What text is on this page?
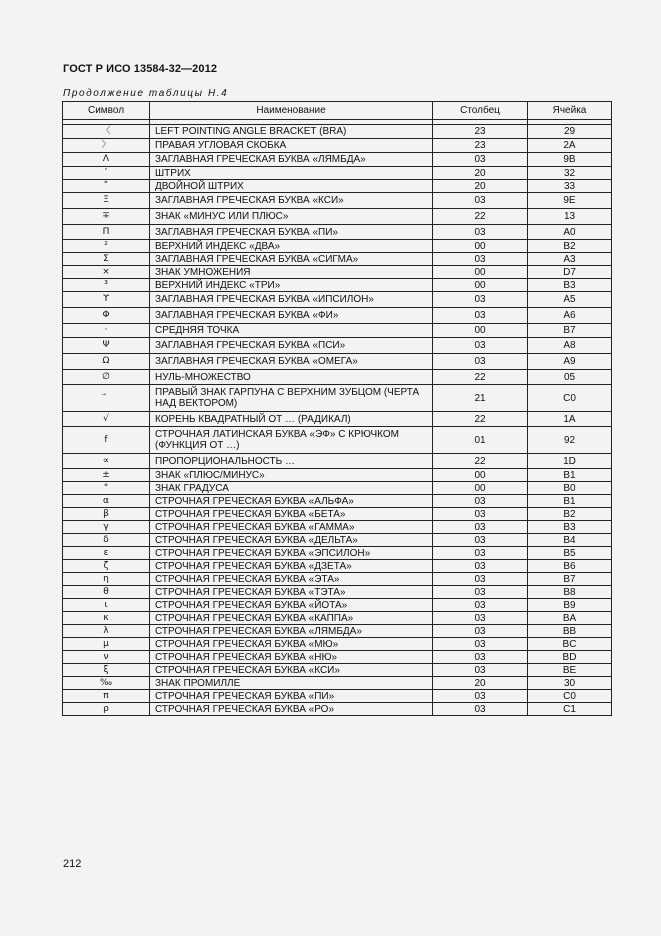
ГОСТ Р ИСО 13584-32—2012
Продолжение таблицы Н.4
Символ	Наименование	Столбец	Ячейка

〈	LEFT POINTING ANGLE BRACKET (BRA)	23	29
〉	ПРАВАЯ УГЛОВАЯ СКОБКА	23	2A
Λ	ЗАГЛАВНАЯ ГРЕЧЕСКАЯ БУКВА «ЛЯМБДА»	03	9B
ʹ	ШТРИХ	20	32
ʺ	ДВОЙНОЙ ШТРИХ	20	33
Ξ	ЗАГЛАВНАЯ ГРЕЧЕСКАЯ БУКВА «КСИ»	03	9E
∓	ЗНАК «МИНУС ИЛИ ПЛЮС»	22	13
Π	ЗАГЛАВНАЯ ГРЕЧЕСКАЯ БУКВА «ПИ»	03	A0
²	ВЕРХНИЙ ИНДЕКС «ДВА»	00	B2
Σ	ЗАГЛАВНАЯ ГРЕЧЕСКАЯ БУКВА «СИГМА»	03	A3
×	ЗНАК УМНОЖЕНИЯ	00	D7
³	ВЕРХНИЙ ИНДЕКС «ТРИ»	00	B3
ϒ	ЗАГЛАВНАЯ ГРЕЧЕСКАЯ БУКВА «ИПСИЛОН»	03	A5
Φ	ЗАГЛАВНАЯ ГРЕЧЕСКАЯ БУКВА «ФИ»	03	A6
·	СРЕДНЯЯ ТОЧКА	00	B7
Ψ	ЗАГЛАВНАЯ ГРЕЧЕСКАЯ БУКВА «ПСИ»	03	A8
Ω	ЗАГЛАВНАЯ ГРЕЧЕСКАЯ БУКВА «ОМЕГА»	03	A9
∅	НУЛЬ-МНОЖЕСТВО	22	05
	ПРАВЫЙ ЗНАК ГАРПУНА С ВЕРХНИМ ЗУБЦОМ (ЧЕРТА НАД ВЕКТОРОМ)	21	C0
√	КОРЕНЬ КВАДРАТНЫЙ ОТ … (РАДИКАЛ)	22	1A
f	СТРОЧНАЯ ЛАТИНСКАЯ БУКВА «ЭФ» С КРЮЧКОМ (ФУНКЦИЯ ОТ …)	01	92
∝	ПРОПОРЦИОНАЛЬНОСТЬ …	22	1D
±	ЗНАК «ПЛЮС/МИНУС»	00	B1
°	ЗНАК ГРАДУСА	00	B0
α	СТРОЧНАЯ ГРЕЧЕСКАЯ БУКВА «АЛЬФА»	03	B1
β	СТРОЧНАЯ ГРЕЧЕСКАЯ БУКВА «БЕТА»	03	B2
γ	СТРОЧНАЯ ГРЕЧЕСКАЯ БУКВА «ГАММА»	03	B3
δ	СТРОЧНАЯ ГРЕЧЕСКАЯ БУКВА «ДЕЛЬТА»	03	B4
ε	СТРОЧНАЯ ГРЕЧЕСКАЯ БУКВА «ЭПСИЛОН»	03	B5
ζ	СТРОЧНАЯ ГРЕЧЕСКАЯ БУКВА «ДЗЕТА»	03	B6
η	СТРОЧНАЯ ГРЕЧЕСКАЯ БУКВА «ЭТА»	03	B7
θ	СТРОЧНАЯ ГРЕЧЕСКАЯ БУКВА «ТЭТА»	03	B8
ι	СТРОЧНАЯ ГРЕЧЕСКАЯ БУКВА «ЙОТА»	03	B9
κ	СТРОЧНАЯ ГРЕЧЕСКАЯ БУКВА «КАППА»	03	BA
λ	СТРОЧНАЯ ГРЕЧЕСКАЯ БУКВА «ЛЯМБДА»	03	BB
μ	СТРОЧНАЯ ГРЕЧЕСКАЯ БУКВА «МЮ»	03	BC
ν	СТРОЧНАЯ ГРЕЧЕСКАЯ БУКВА «НЮ»	03	BD
ξ	СТРОЧНАЯ ГРЕЧЕСКАЯ БУКВА «КСИ»	03	BE
‰	ЗНАК ПРОМИЛЛЕ	20	30
π	СТРОЧНАЯ ГРЕЧЕСКАЯ БУКВА «ПИ»	03	C0
ρ	СТРОЧНАЯ ГРЕЧЕСКАЯ БУКВА «РО»	03	C1
212
